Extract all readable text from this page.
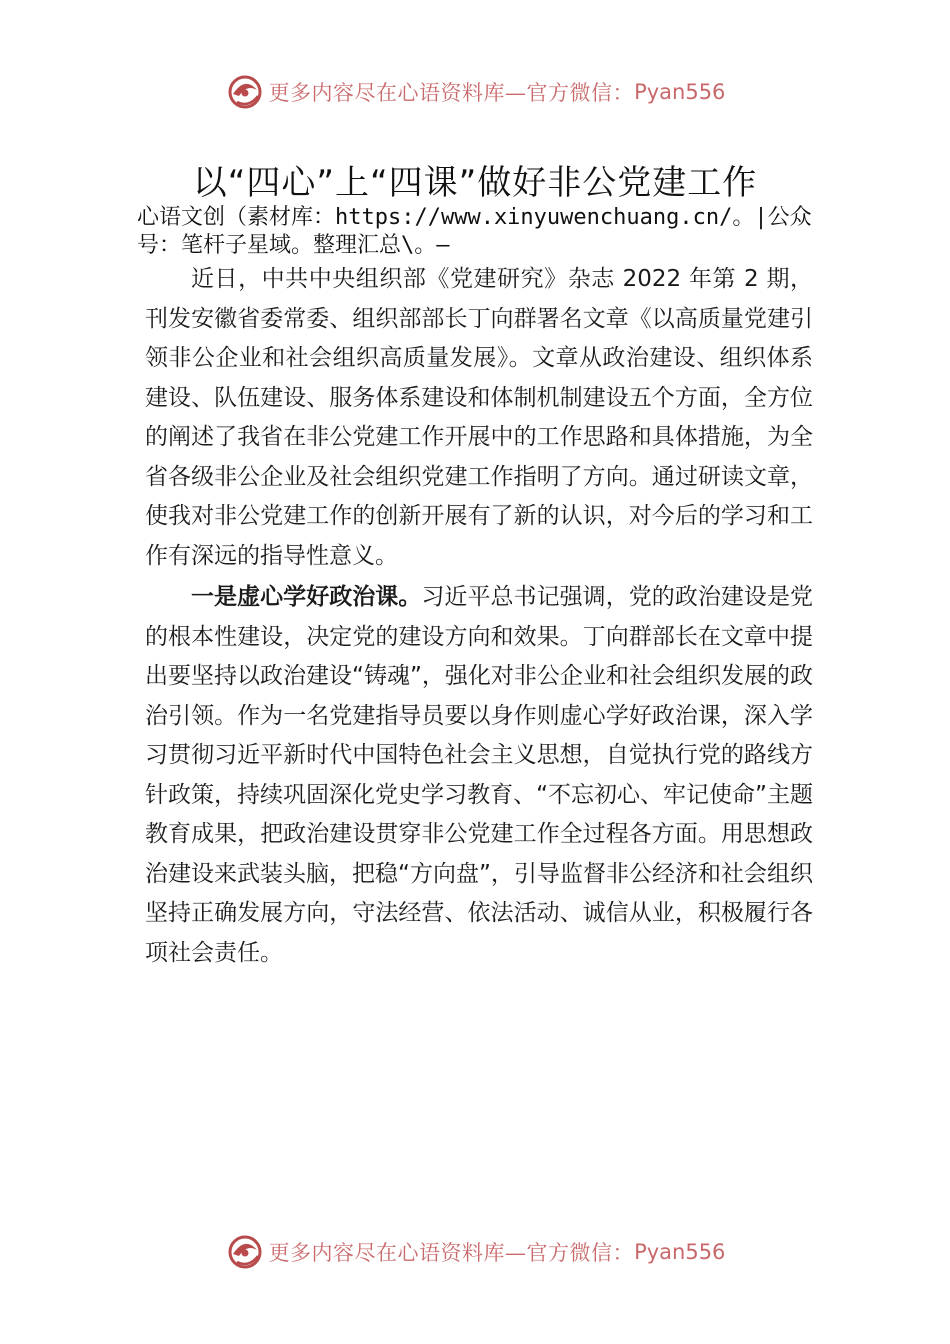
更多内容尽在心语资料库—官方微信： Pyan556
以“四心”上“四课”做好非公党建工作

心语文创（素材库：https://www.xinyuwenchuang.cn/。|公众号：笔杆子星域。整理汇总\。—

近日，中共中央组织部《党建研究》杂志 2022 年第 2 期，刊发安徽省委常委、组织部部长丁向群署名文章《以高质量党建引领非公企业和社会组织高质量发展》。文章从政治建设、组织体系建设、队伍建设、服务体系建设和体制机制建设五个方面，全方位的阐述了我省在非公党建工作开展中的工作思路和具体措施，为全省各级非公企业及社会组织党建工作指明了方向。通过研读文章，使我对非公党建工作的创新开展有了新的认识，对今后的学习和工作有深远的指导性意义。

一是虚心学好政治课。习近平总书记强调，党的政治建设是党的根本性建设，决定党的建设方向和效果。丁向群部长在文章中提出要坚持以政治建设“铸魂”，强化对非公企业和社会组织发展的政治引领。作为一名党建指导员要以身作则虚心学好政治课，深入学习贯彻习近平新时代中国特色社会主义思想，自觉执行党的路线方针政策，持续巩固深化党史学习教育、“不忘初心、牢记使命”主题教育成果，把政治建设贯穿非公党建工作全过程各方面。用思想政治建设来武装头脑，把稳“方向盘”，引导监督非公经济和社会组织坚持正确发展方向，守法经营、依法活动、诚信从业，积极履行各项社会责任。

更多内容尽在心语资料库—官方微信： Pyan556
